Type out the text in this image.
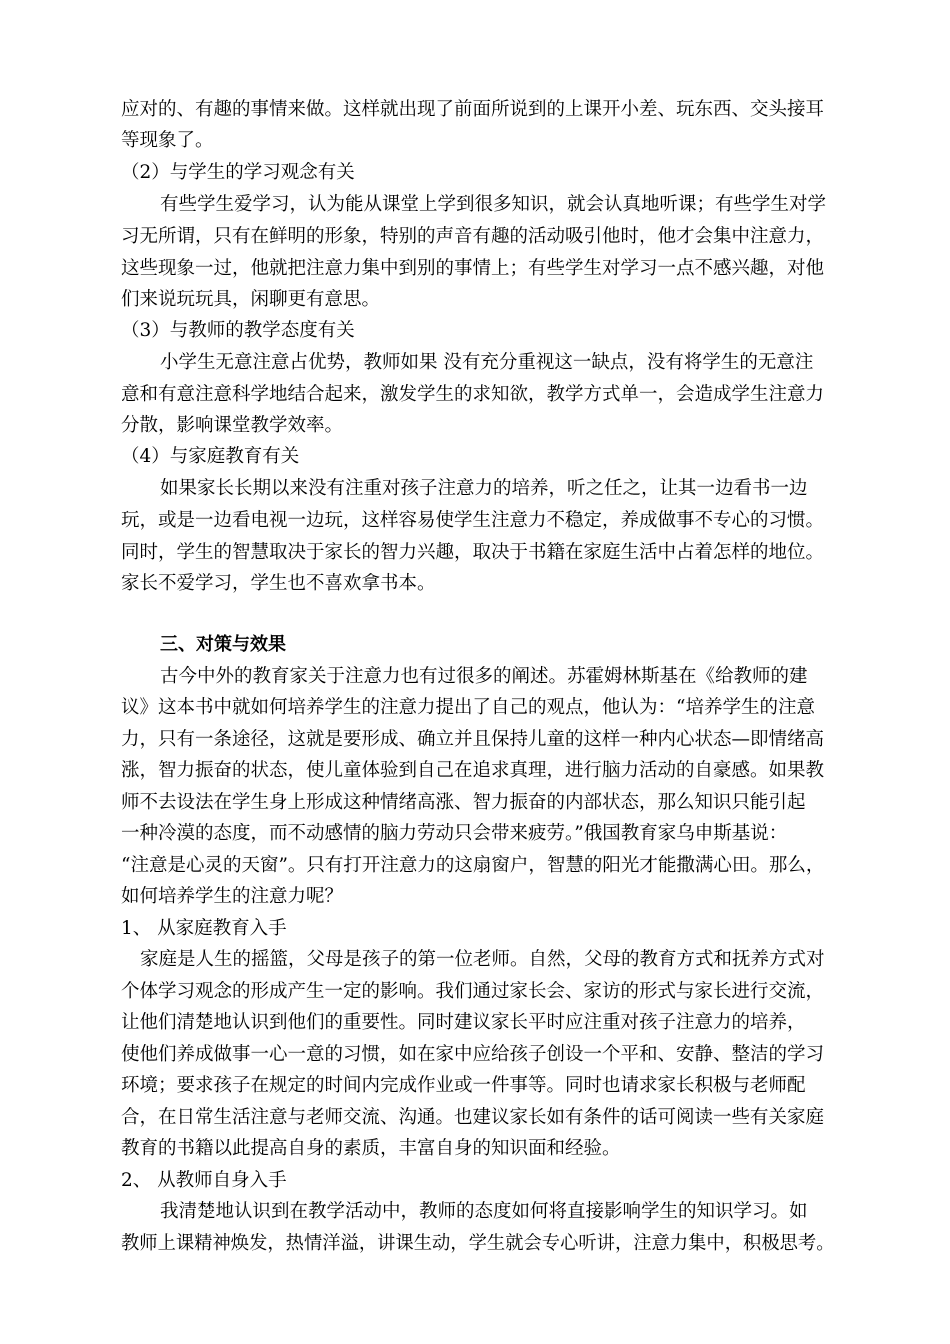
应对的、有趣的事情来做。这样就出现了前面所说到的上课开小差、玩东西、交头接耳
等现象了。
（2）与学生的学习观念有关
有些学生爱学习，认为能从课堂上学到很多知识，就会认真地听课；有些学生对学
习无所谓，只有在鲜明的形象，特别的声音有趣的活动吸引他时，他才会集中注意力，
这些现象一过，他就把注意力集中到别的事情上；有些学生对学习一点不感兴趣，对他
们来说玩玩具，闲聊更有意思。
（3）与教师的教学态度有关
小学生无意注意占优势，教师如果 没有充分重视这一缺点，没有将学生的无意注
意和有意注意科学地结合起来，激发学生的求知欲，教学方式单一，会造成学生注意力
分散，影响课堂教学效率。
（4）与家庭教育有关
如果家长长期以来没有注重对孩子注意力的培养，听之任之，让其一边看书一边
玩，或是一边看电视一边玩，这样容易使学生注意力不稳定，养成做事不专心的习惯。
同时，学生的智慧取决于家长的智力兴趣，取决于书籍在家庭生活中占着怎样的地位。
家长不爱学习，学生也不喜欢拿书本。
三、对策与效果
古今中外的教育家关于注意力也有过很多的阐述。苏霍姆林斯基在《给教师的建
议》这本书中就如何培养学生的注意力提出了自己的观点，他认为：“培养学生的注意
力，只有一条途径，这就是要形成、确立并且保持儿童的这样一种内心状态—即情绪高
涨，智力振奋的状态，使儿童体验到自己在追求真理，进行脑力活动的自豪感。如果教
师不去设法在学生身上形成这种情绪高涨、智力振奋的内部状态，那么知识只能引起
一种冷漠的态度，而不动感情的脑力劳动只会带来疲劳。”俄国教育家乌申斯基说：
“注意是心灵的天窗”。只有打开注意力的这扇窗户，智慧的阳光才能撒满心田。那么，
如何培养学生的注意力呢？
1、 从家庭教育入手
家庭是人生的摇篮，父母是孩子的第一位老师。自然，父母的教育方式和抚养方式对
个体学习观念的形成产生一定的影响。我们通过家长会、家访的形式与家长进行交流，
让他们清楚地认识到他们的重要性。同时建议家长平时应注重对孩子注意力的培养，
使他们养成做事一心一意的习惯，如在家中应给孩子创设一个平和、安静、整洁的学习
环境；要求孩子在规定的时间内完成作业或一件事等。同时也请求家长积极与老师配
合，在日常生活注意与老师交流、沟通。也建议家长如有条件的话可阅读一些有关家庭
教育的书籍以此提高自身的素质，丰富自身的知识面和经验。
2、 从教师自身入手
我清楚地认识到在教学活动中，教师的态度如何将直接影响学生的知识学习。如
教师上课精神焕发，热情洋溢，讲课生动，学生就会专心听讲，注意力集中，积极思考。
